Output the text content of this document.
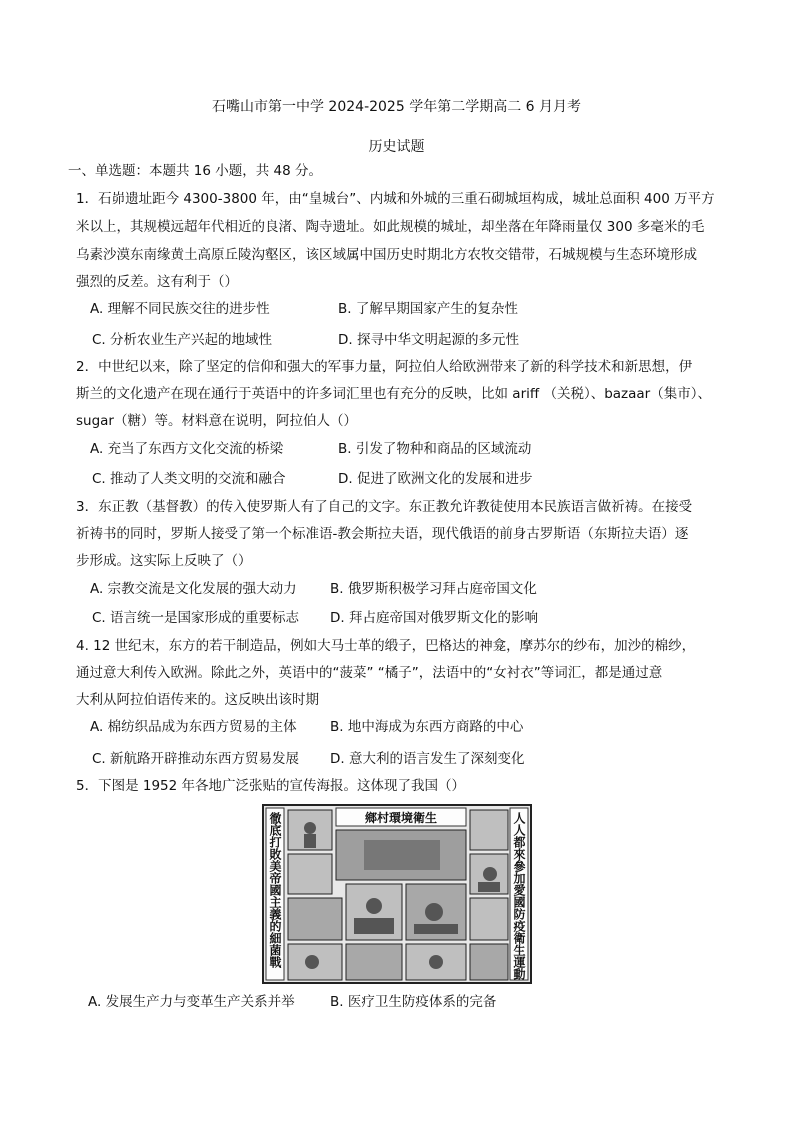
石嘴山市第一中学 2024-2025 学年第二学期高二 6 月月考
历史试题
一、单选题：本题共 16 小题，共 48 分。
1．石峁遗址距今 4300-3800 年，由“皇城台”、内城和外城的三重石砌城垣构成，城址总面积 400 万平方
米以上，其规模远超年代相近的良渚、陶寺遗址。如此规模的城址，却坐落在年降雨量仅 300 多毫米的毛
乌素沙漠东南缘黄土高原丘陵沟壑区，该区域属中国历史时期北方农牧交错带，石城规模与生态环境形成
强烈的反差。这有利于（）
A. 理解不同民族交往的进步性	B. 了解早期国家产生的复杂性
C. 分析农业生产兴起的地域性	D. 探寻中华文明起源的多元性
2．中世纪以来，除了坚定的信仰和强大的军事力量，阿拉伯人给欧洲带来了新的科学技术和新思想，伊
斯兰的文化遗产在现在通行于英语中的许多词汇里也有充分的反映，比如 ariff （关税）、bazaar（集市）、
sugar（糖）等。材料意在说明，阿拉伯人（）
A. 充当了东西方文化交流的桥梁	B. 引发了物种和商品的区域流动
C. 推动了人类文明的交流和融合	D. 促进了欧洲文化的发展和进步
3．东正教（基督教）的传入使罗斯人有了自己的文字。东正教允许教徒使用本民族语言做祈祷。在接受
祈祷书的同时，罗斯人接受了第一个标准语-教会斯拉夫语，现代俄语的前身古罗斯语（东斯拉夫语）逐
步形成。这实际上反映了（）
A. 宗教交流是文化发展的强大动力 B. 俄罗斯积极学习拜占庭帝国文化
C. 语言统一是国家形成的重要标志 D. 拜占庭帝国对俄罗斯文化的影响
4. 12 世纪末，东方的若干制造品，例如大马士革的缎子，巴格达的神龛，摩苏尔的纱布，加沙的棉纱，
通过意大利传入欧洲。除此之外，英语中的“菠菜” “橘子”，法语中的“女衬衣”等词汇，都是通过意
大利从阿拉伯语传来的。这反映出该时期
A. 棉纺织品成为东西方贸易的主体 B. 地中海成为东西方商路的中心
C. 新航路开辟推动东西方贸易发展 D. 意大利的语言发生了深刻变化
5．下图是 1952 年各地广泛张贴的宣传海报。这体现了我国（）
鄉村環境衛生
徹底打敗美帝國主義的細菌戰	人人都來參加愛國防疫衛生運動
A. 发展生产力与变革生产关系并举	B. 医疗卫生防疫体系的完备
